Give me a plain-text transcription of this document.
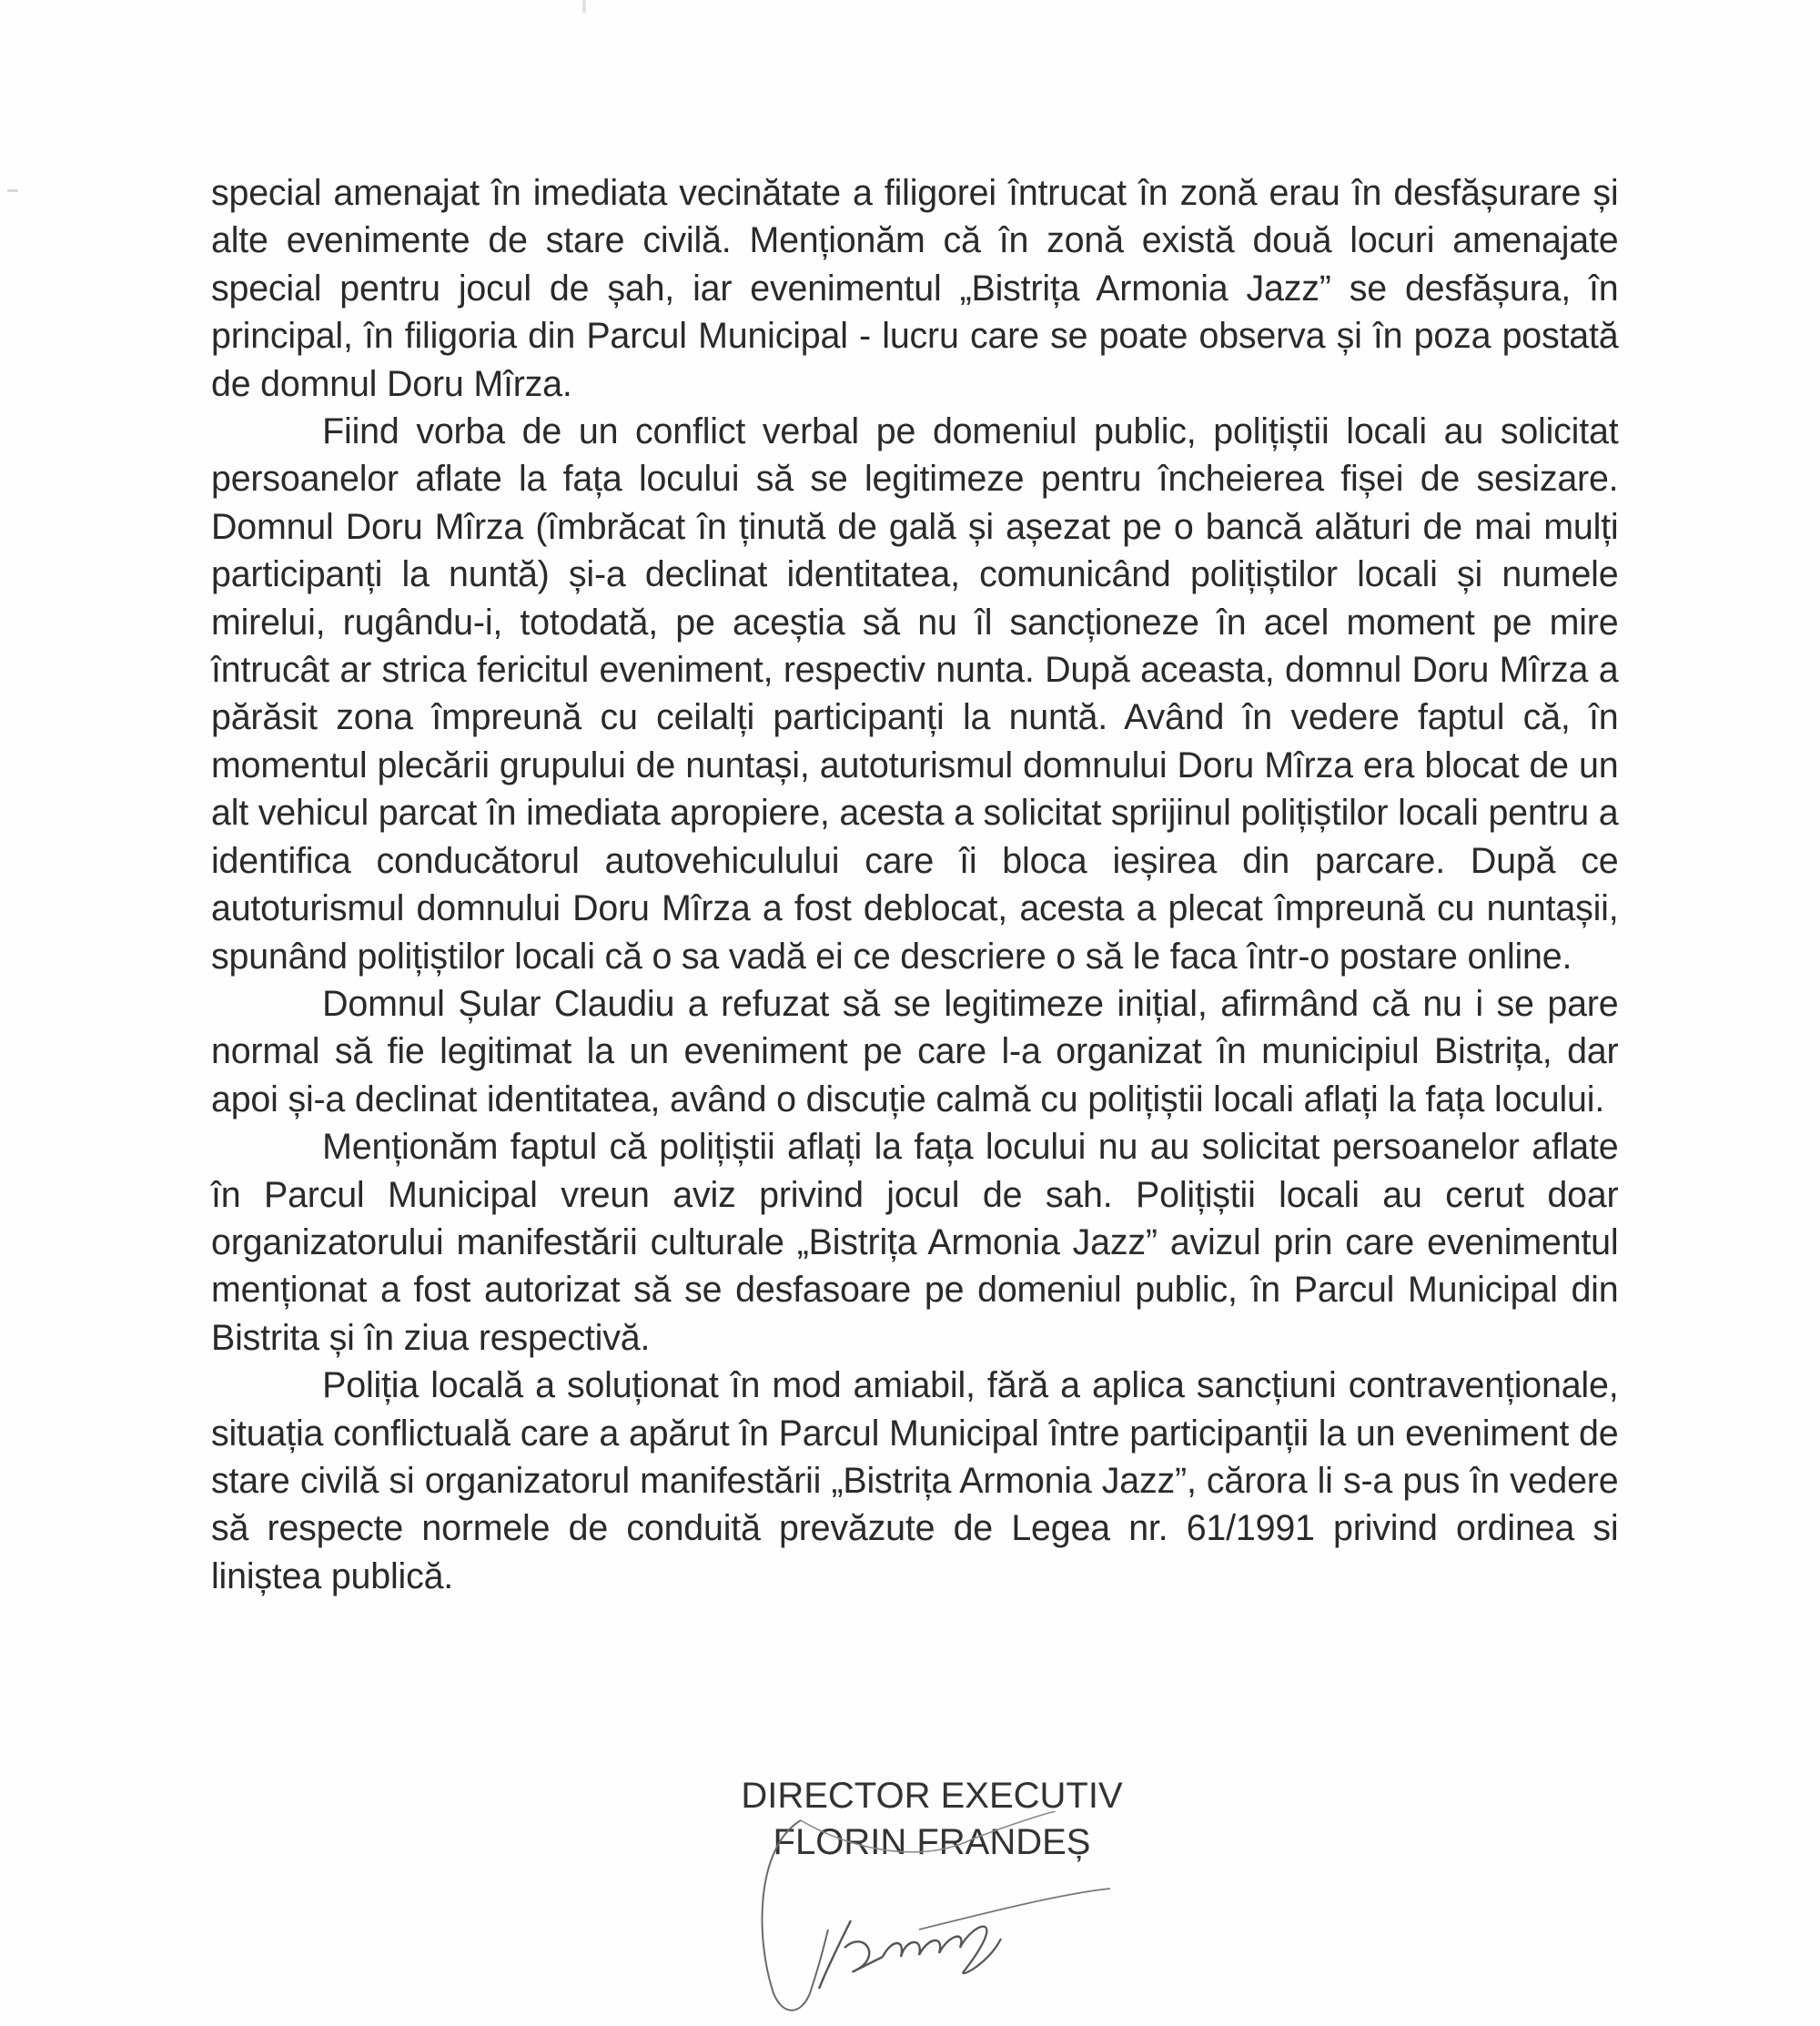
special amenajat în imediata vecinătate a filigorei întrucat în zonă erau în desfășurare și alte evenimente de stare civilă. Menționăm că în zonă există două locuri amenajate special pentru jocul de șah, iar evenimentul „Bistrița Armonia Jazz” se desfășura, în principal, în filigoria din Parcul Municipal - lucru care se poate observa și în poza postată de domnul Doru Mîrza.

Fiind vorba de un conflict verbal pe domeniul public, polițiștii locali au solicitat persoanelor aflate la fața locului să se legitimeze pentru încheierea fișei de sesizare. Domnul Doru Mîrza (îmbrăcat în ținută de gală și așezat pe o bancă alături de mai mulți participanți la nuntă) și-a declinat identitatea, comunicând polițiștilor locali și numele mirelui, rugându-i, totodată, pe aceștia să nu îl sancționeze în acel moment pe mire întrucât ar strica fericitul eveniment, respectiv nunta. După aceasta, domnul Doru Mîrza a părăsit zona împreună cu ceilalți participanți la nuntă. Având în vedere faptul că, în momentul plecării grupului de nuntași, autoturismul domnului Doru Mîrza era blocat de un alt vehicul parcat în imediata apropiere, acesta a solicitat sprijinul polițiștilor locali pentru a identifica conducătorul autovehiculului care îi bloca ieșirea din parcare. După ce autoturismul domnului Doru Mîrza a fost deblocat, acesta a plecat împreună cu nuntașii, spunând polițiștilor locali că o sa vadă ei ce descriere o să le faca într-o postare online.

Domnul Șular Claudiu a refuzat să se legitimeze inițial, afirmând că nu i se pare normal să fie legitimat la un eveniment pe care l-a organizat în municipiul Bistrița, dar apoi și-a declinat identitatea, având o discuție calmă cu polițiștii locali aflați la fața locului.

Menționăm faptul că polițiștii aflați la fața locului nu au solicitat persoanelor aflate în Parcul Municipal vreun aviz privind jocul de sah. Polițiștii locali au cerut doar organizatorului manifestării culturale „Bistrița Armonia Jazz” avizul prin care evenimentul menționat a fost autorizat să se desfasoare pe domeniul public, în Parcul Municipal din Bistrita și în ziua respectivă.

Poliția locală a soluționat în mod amiabil, fără a aplica sancțiuni contravenționale, situația conflictuală care a apărut în Parcul Municipal între participanții la un eveniment de stare civilă si organizatorul manifestării „Bistrița Armonia Jazz”, cărora li s-a pus în vedere să respecte normele de conduită prevăzute de Legea nr. 61/1991 privind ordinea si liniștea publică.

DIRECTOR EXECUTIV
FLORIN FRANDEȘ
